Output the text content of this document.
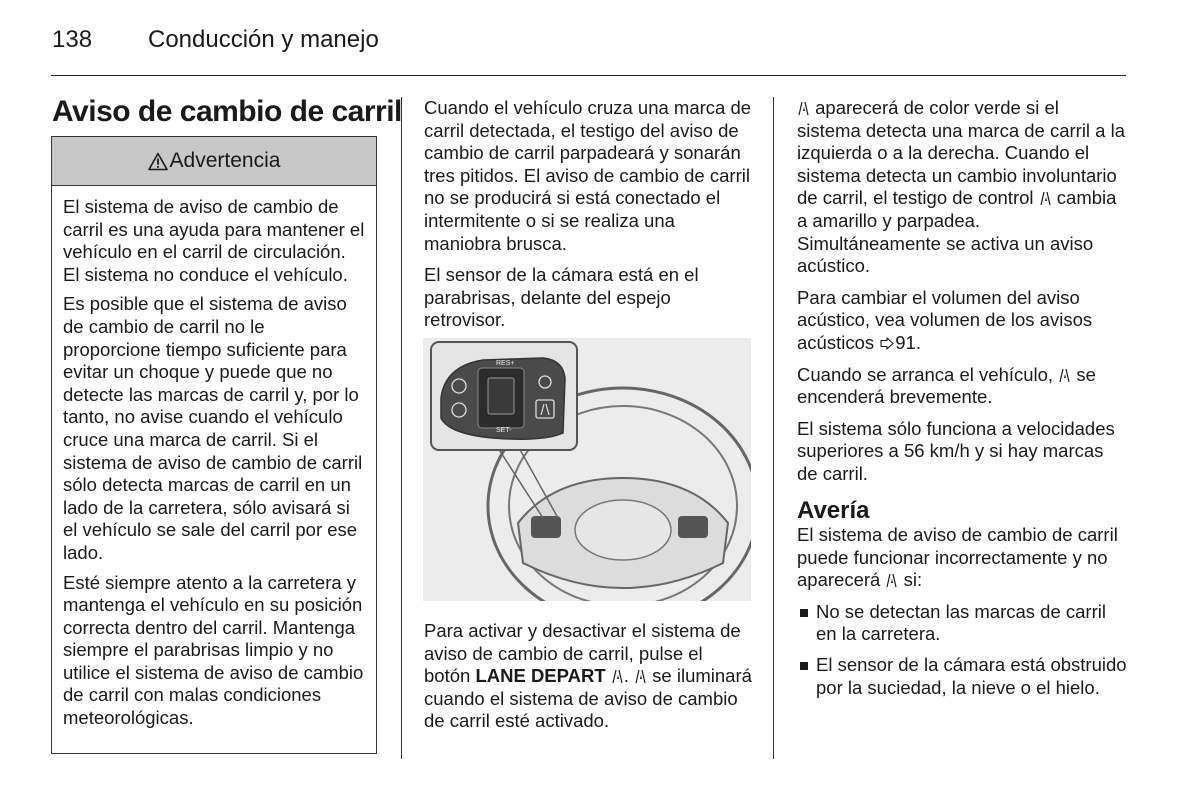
138 Conducción y manejo
Aviso de cambio de carril
Advertencia

El sistema de aviso de cambio de carril es una ayuda para mantener el vehículo en el carril de circulación. El sistema no conduce el vehículo.

Es posible que el sistema de aviso de cambio de carril no le proporcione tiempo suficiente para evitar un choque y puede que no detecte las marcas de carril y, por lo tanto, no avise cuando el vehículo cruce una marca de carril. Si el sistema de aviso de cambio de carril sólo detecta marcas de carril en un lado de la carretera, sólo avisará si el vehículo se sale del carril por ese lado.

Esté siempre atento a la carretera y mantenga el vehículo en su posición correcta dentro del carril. Mantenga siempre el parabrisas limpio y no utilice el sistema de aviso de cambio de carril con malas condiciones meteorológicas.

Cuando el vehículo cruza una marca de carril detectada, el testigo del aviso de cambio de carril parpadeará y sonarán tres pitidos. El aviso de cambio de carril no se producirá si está conectado el intermitente o si se realiza una maniobra brusca.

El sensor de la cámara está en el parabrisas, delante del espejo retrovisor.

RES+
SET-

Para activar y desactivar el sistema de aviso de cambio de carril, pulse el botón LANE DEPART .  se iluminará cuando el sistema de aviso de cambio de carril esté activado.

aparecerá de color verde si el sistema detecta una marca de carril a la izquierda o a la derecha. Cuando el sistema detecta un cambio involuntario de carril, el testigo de control  cambia a amarillo y parpadea. Simultáneamente se activa un aviso acústico.

Para cambiar el volumen del aviso acústico, vea volumen de los avisos acústicos 91.

Cuando se arranca el vehículo,  se encenderá brevemente.

El sistema sólo funciona a velocidades superiores a 56 km/h y si hay marcas de carril.

Avería

El sistema de aviso de cambio de carril puede funcionar incorrectamente y no aparecerá  si:

No se detectan las marcas de carril en la carretera.
El sensor de la cámara está obstruido por la suciedad, la nieve o el hielo.
